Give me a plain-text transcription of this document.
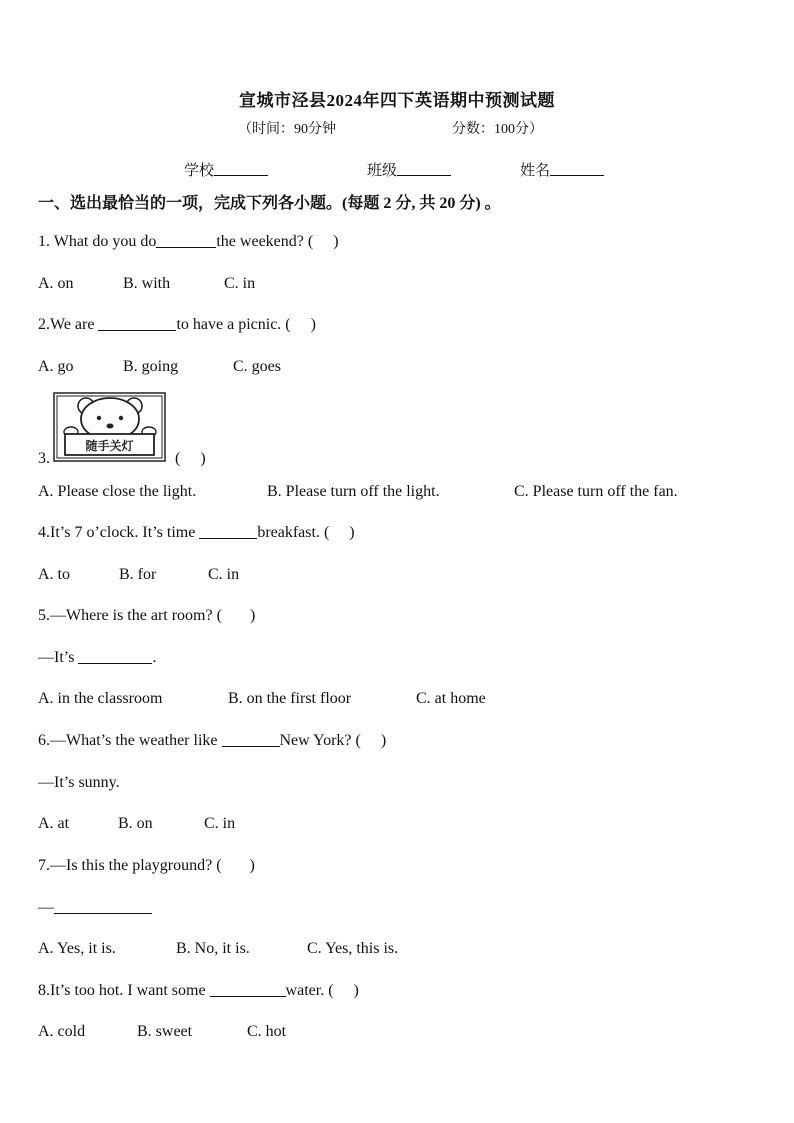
宣城市泾县2024年四下英语期中预测试题
（时间：90分钟	分数：100分）
学校	班级	姓名
一、选出最恰当的一项，完成下列各小题。(每题 2 分, 共 20 分) 。
1. What do you do	the weekend? ( )
A. on	B. with	C. in
2.We are	to have a picnic. ( )
A. go	B. going	C. goes
随手关灯
3.	( )
A. Please close the light.	B. Please turn off the light.	C. Please turn off the fan.
4.It’s 7 o’clock. It’s time	breakfast. ( )
A. to	B. for	C. in
5.—Where is the art room? ( )
—It’s	.
A. in the classroom	B. on the first floor	C. at home
6.—What’s the weather like	New York? ( )
—It’s sunny.
A. at	B. on	C. in
7.—Is this the playground? ( )
—
A. Yes, it is.	B. No, it is.	C. Yes, this is.
8.It’s too hot. I want some	water. ( )
A. cold	B. sweet	C. hot
